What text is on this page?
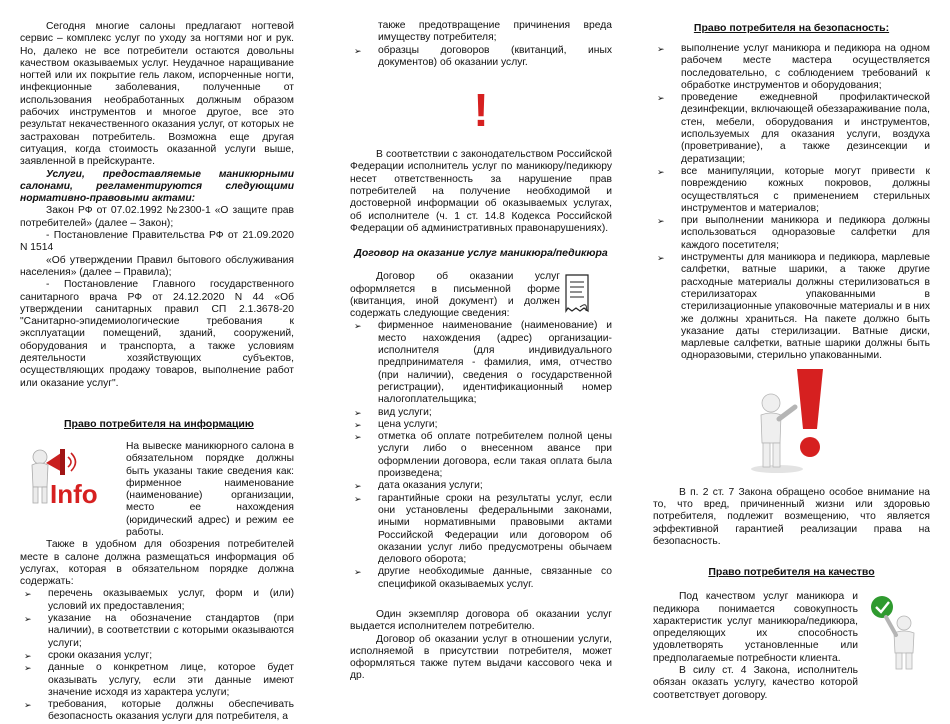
Сегодня многие салоны предлагают ногтевой сервис – комплекс услуг по уходу за ногтями ног и рук. Но, далеко не все потребители остаются довольны качеством оказываемых услуг. Неудачное наращивание ногтей или их покрытие гель лаком, испорченные ногти, инфекционные заболевания, полученные от использования необработанных должным образом рабочих инструментов и многое другое, все это результат некачественного оказания услуг, от которых не застрахован потребитель. Возможна еще другая ситуация, когда стоимость оказанной услуги выше, заявленной в прейскуранте.

Услуги, предоставляемые маникюрными салонами, регламентируются следующими нормативно-правовыми актами:

Закон РФ от 07.02.1992 №2300-1 «О защите прав потребителей» (далее – Закон);

- Постановление Правительства РФ от 21.09.2020 N 1514

«Об утверждении Правил бытового обслуживания населения» (далее – Правила);

- Постановление Главного государственного санитарного врача РФ от 24.12.2020 N 44 «Об утверждении санитарных правил СП 2.1.3678-20 "Санитарно-эпидемиологические требования к эксплуатации помещений, зданий, сооружений, оборудования и транспорта, а также условиям деятельности хозяйствующих субъектов, осуществляющих продажу товаров, выполнение работ или оказание услуг".

Право потребителя на информацию
Info

На вывеске маникюрного салона в обязательном порядке должны быть указаны такие сведения как: фирменное наименование (наименование) организации, место ее нахождения (юридический адрес) и режим ее работы.

Также в удобном для обозрения потребителей месте в салоне должна размещаться информация об услугах, которая в обязательном порядке должна содержать:

➢ перечень оказываемых услуг, форм и (или) условий их предоставления;
➢ указание на обозначение стандартов (при наличии), в соответствии с которыми оказываются услуги;
➢ сроки оказания услуг;
➢ данные о конкретном лице, которое будет оказывать услугу, если эти данные имеют значение исходя из характера услуги;
➢ требования, которые должны обеспечивать безопасность оказания услуги для потребителя, а

также предотвращение причинения вреда имуществу потребителя;

➢ образцы договоров (квитанций, иных документов) об оказании услуг.
!

В соответствии с законодательством Российской Федерации исполнитель услуг по маникюру/педикюру несет ответственность за нарушение прав потребителей на получение необходимой и достоверной информации об оказываемых услугах, об исполнителе (ч. 1 ст. 14.8 Кодекса Российской Федерации об административных правонарушениях).

Договор на оказание услуг маникюра/педикюра

Договор об оказании услуг оформляется в письменной форме (квитанция, иной документ) и должен содержать следующие сведения:

➢ фирменное наименование (наименование) и место нахождения (адрес) организации-исполнителя (для индивидуального предпринимателя - фамилия, имя, отчество (при наличии), сведения о государственной регистрации), идентификационный номер налогоплательщика;
➢ вид услуги;
➢ цена услуги;
➢ отметка об оплате потребителем полной цены услуги либо о внесенном авансе при оформлении договора, если такая оплата была произведена;
➢ дата оказания услуги;
➢ гарантийные сроки на результаты услуг, если они установлены федеральными законами, иными нормативными правовыми актами Российской Федерации или договором об оказании услуг либо предусмотрены обычаем делового оборота;
➢ другие необходимые данные, связанные со спецификой оказываемых услуг.

Один экземпляр договора об оказании услуг выдается исполнителем потребителю.

Договор об оказании услуг в отношении услуги, исполняемой в присутствии потребителя, может оформляться также путем выдачи кассового чека и др.

Право потребителя на безопасность:
➢ выполнение услуг маникюра и педикюра на одном рабочем месте мастера осуществляется последовательно, с соблюдением требований к обработке инструментов и оборудования;
➢ проведение ежедневной профилактической дезинфекции, включающей обеззараживание пола, стен, мебели, оборудования и инструментов, используемых для оказания услуги, воздуха (проветривание), а также дезинсекции и дератизации;
➢ все манипуляции, которые могут привести к повреждению кожных покровов, должны осуществляться с применением стерильных инструментов и материалов;
➢ при выполнении маникюра и педикюра должны использоваться одноразовые салфетки для каждого посетителя;
➢ инструменты для маникюра и педикюра, марлевые салфетки, ватные шарики, а также другие расходные материалы должны стерилизоваться в стерилизаторах упакованными в стерилизационные упаковочные материалы и в них же должны храниться. На пакете должно быть указание даты стерилизации. Ватные диски, марлевые салфетки, ватные шарики должны быть одноразовыми, стерильно упакованными.

В п. 2 ст. 7 Закона обращено особое внимание на то, что вред, причиненный жизни или здоровью потребителя, подлежит возмещению, что является эффективной гарантией реализации права на безопасность.

Право потребителя на качество

Под качеством услуг маникюра и педикюра понимается совокупность характеристик услуг маникюра/педикюра, определяющих их способность удовлетворять установленные или предполагаемые потребности клиента.

В силу ст. 4 Закона, исполнитель обязан оказать услугу, качество которой соответствует договору.
